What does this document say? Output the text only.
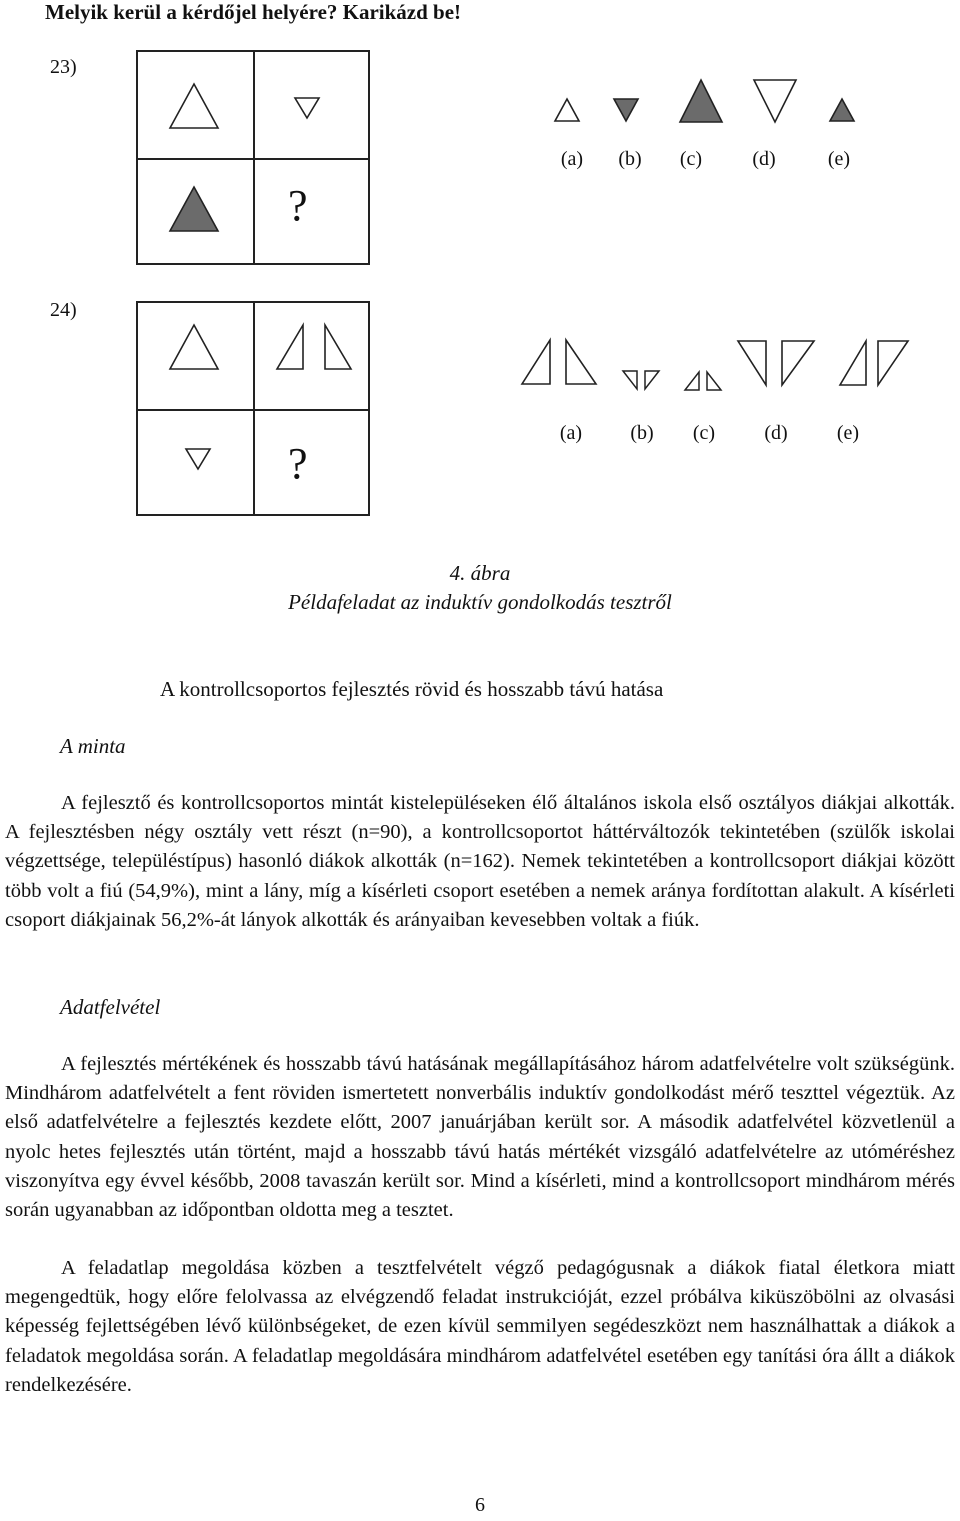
Melyik kerül a kérdőjel helyére? Karikázd be!
23)
?
(a)	(b)	(c)	(d)	(e)
24)
?
(a)	(b)	(c)	(d)	(e)
4. ábra
Példafeladat az induktív gondolkodás tesztről
A kontrollcsoportos fejlesztés rövid és hosszabb távú hatása
A minta

A fejlesztő és kontrollcsoportos mintát kistelepüléseken élő általános iskola első osztályos diákjai alkották. A fejlesztésben négy osztály vett részt (n=90), a kontrollcsoportot háttérváltozók tekintetében (szülők iskolai végzettsége, településtípus) hasonló diákok alkották (n=162). Nemek tekintetében a kontrollcsoport diákjai között több volt a fiú (54,9%), mint a lány, míg a kísérleti csoport esetében a nemek aránya fordítottan alakult. A kísérleti csoport diákjainak 56,2%-át lányok alkották és arányaiban kevesebben voltak a fiúk.

Adatfelvétel

A fejlesztés mértékének és hosszabb távú hatásának megállapításához három adatfelvételre volt szükségünk. Mindhárom adatfelvételt a fent röviden ismertetett nonverbális induktív gondolkodást mérő teszttel végeztük. Az első adatfelvételre a fejlesztés kezdete előtt, 2007 januárjában került sor. A második adatfelvétel közvetlenül a nyolc hetes fejlesztés után történt, majd a hosszabb távú hatás mértékét vizsgáló adatfelvételre az utóméréshez viszonyítva egy évvel később, 2008 tavaszán került sor. Mind a kísérleti, mind a kontrollcsoport mindhárom mérés során ugyanabban az időpontban oldotta meg a tesztet.

A feladatlap megoldása közben a tesztfelvételt végző pedagógusnak a diákok fiatal életkora miatt megengedtük, hogy előre felolvassa az elvégzendő feladat instrukcióját, ezzel próbálva kiküszöbölni az olvasási képesség fejlettségében lévő különbségeket, de ezen kívül semmilyen segédeszközt nem használhattak a diákok a feladatok megoldása során. A feladatlap megoldására mindhárom adatfelvétel esetében egy tanítási óra állt a diákok rendelkezésére.

6
